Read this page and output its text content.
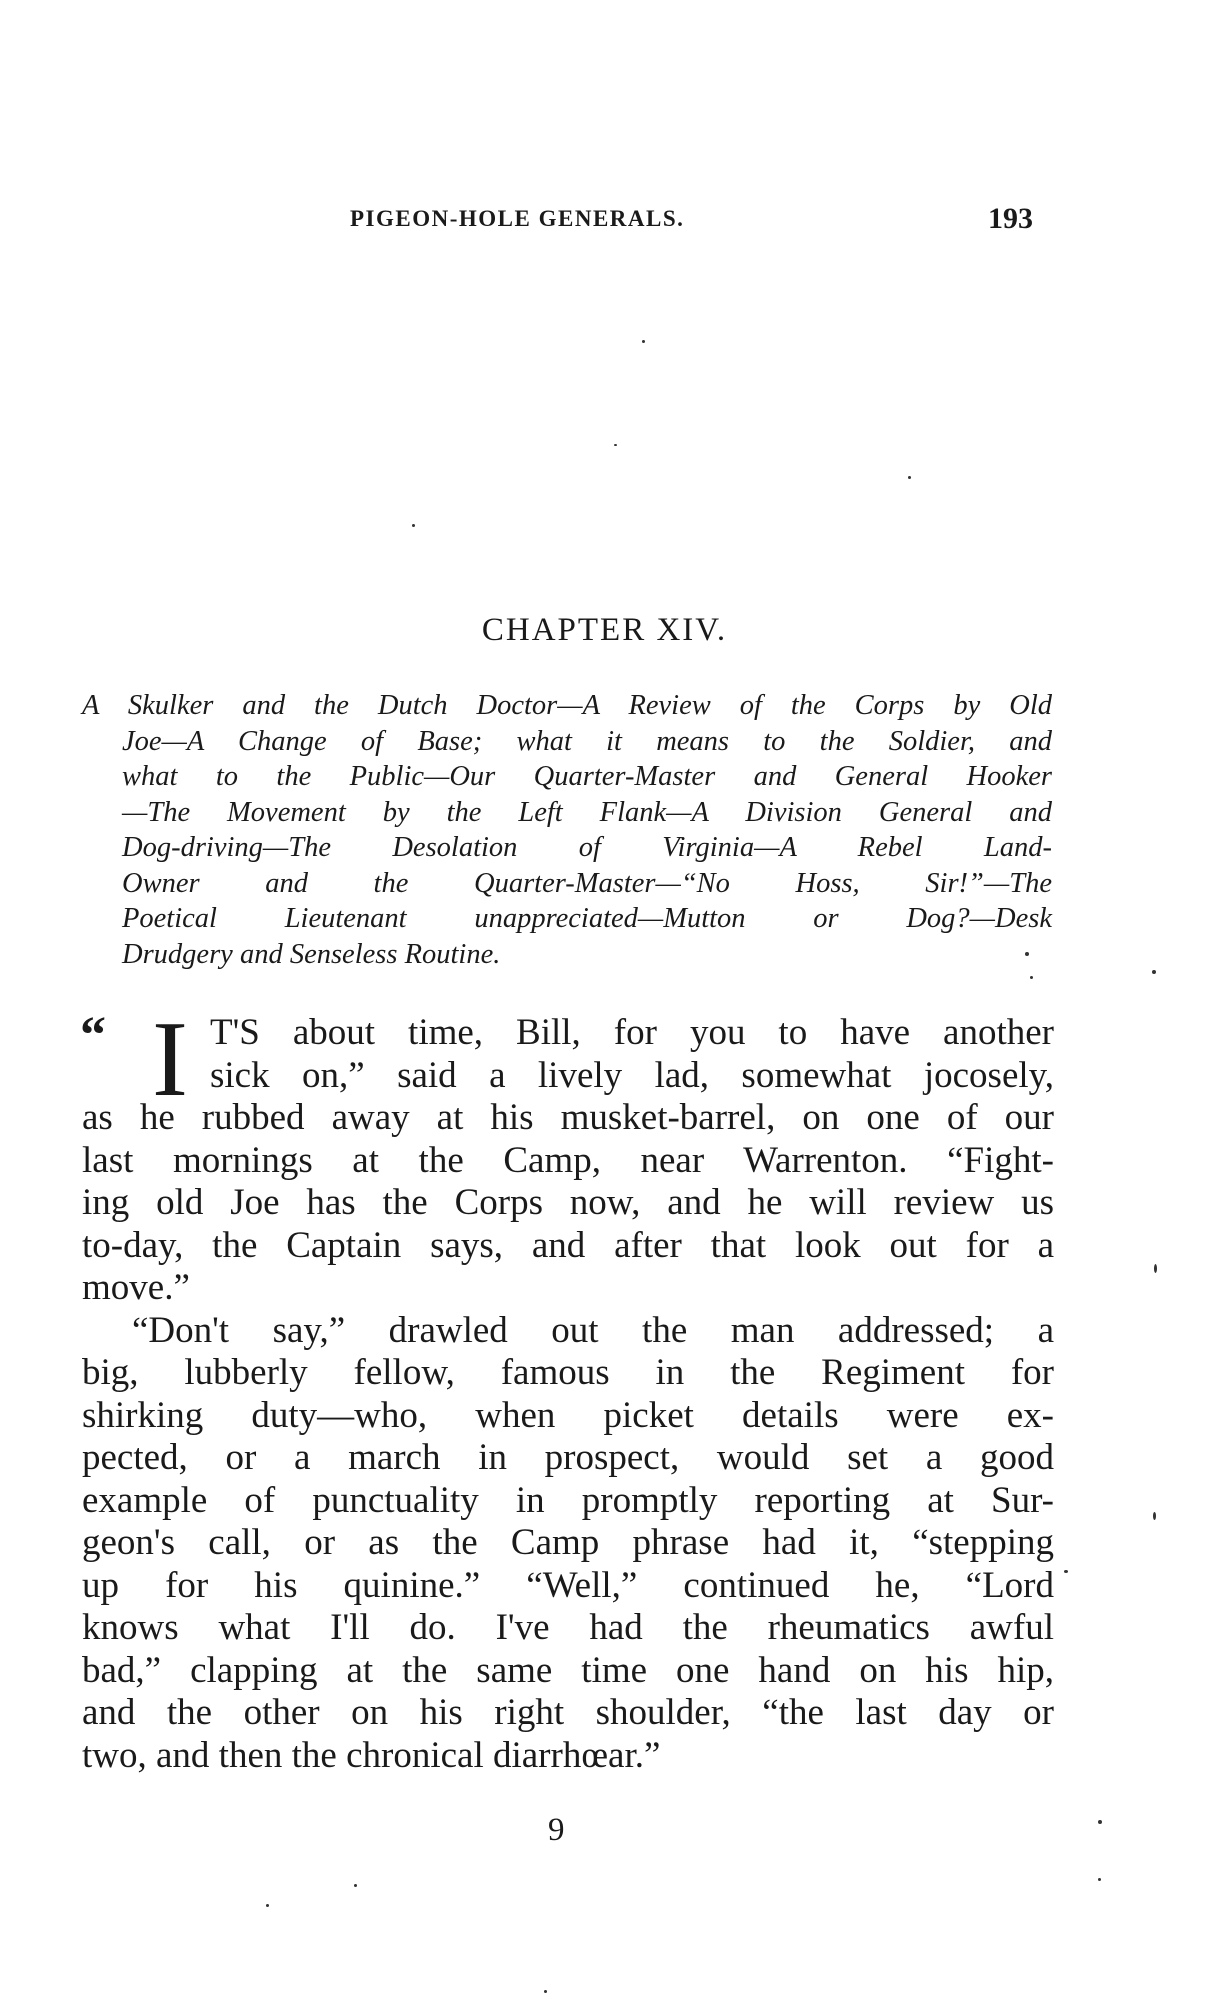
PIGEON-HOLE GENERALS.	193
CHAPTER XIV.
A Skulker and the Dutch Doctor—A Review of the Corps by Old
Joe—A Change of Base; what it means to the Soldier, and
what to the Public—Our Quarter-Master and General Hooker
—The Movement by the Left Flank—A Division General and
Dog-driving—The Desolation of Virginia—A Rebel Land-
Owner and the Quarter-Master—“No Hoss, Sir!”—The
Poetical Lieutenant unappreciated—Mutton or Dog?—Desk
Drudgery and Senseless Routine.
“ I T'S about time, Bill, for you to have another
sick on,” said a lively lad, somewhat jocosely,
as he rubbed away at his musket-barrel, on one of our
last mornings at the Camp, near Warrenton. “Fight-
ing old Joe has the Corps now, and he will review us
to-day, the Captain says, and after that look out for a
move.”
“Don't say,” drawled out the man addressed; a
big, lubberly fellow, famous in the Regiment for
shirking duty—who, when picket details were ex-
pected, or a march in prospect, would set a good
example of punctuality in promptly reporting at Sur-
geon's call, or as the Camp phrase had it, “stepping
up for his quinine.” “Well,” continued he, “Lord
knows what I'll do. I've had the rheumatics awful
bad,” clapping at the same time one hand on his hip,
and the other on his right shoulder, “the last day or
two, and then the chronical diarrhœar.”
9
